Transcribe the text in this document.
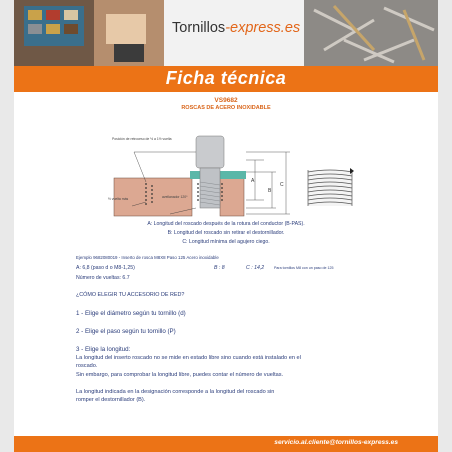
Tornillos-express.es
Ficha técnica
VS9682
ROSCAS DE ACERO INOXIDABLE
A
B
C
Posición de retroceso de ½ a 1½ vuelta
½ vuelta más	avellanador 120º
A: Longitud del roscado después de la rotura del conductor (B-PAS).
B: Longitud del roscado sin retirar el destornillador.
C: Longitud mínima del agujero ciego.
Ejemplo 9682080019 - Inserto de rosca M8X8 Paso 125 Acero inoxidable
A: 6,8 (paso d o M8-1,25)	B : 8	C : 14,2	Para tornillos M8 con un paso de 125
Número de vueltas: 6.7
¿CÓMO ELEGIR TU ACCESORIO DE RED?
1 - Elige el diámetro según tu tornillo (d)
2 - Elige el paso según tu tornillo (P)
3 - Elige la longitud:
La longitud del inserto roscado no se mide en estado libre sino cuando está instalado en el
roscado.
Sin embargo, para comprobar la longitud libre, puedes contar el número de vueltas.
La longitud indicada en la designación corresponde a la longitud del roscado sin
romper el destornillador (B).
servicio.al.cliente@tornillos-express.es
